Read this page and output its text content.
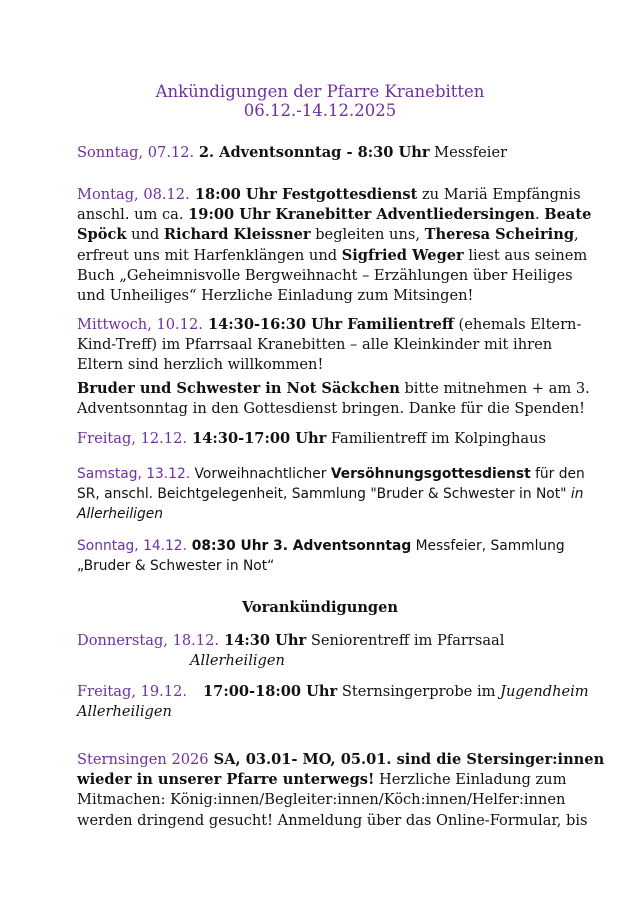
Ankündigungen der Pfarre Kranebitten
06.12.-14.12.2025
Sonntag, 07.12. 2. Adventsonntag - 8:30 Uhr Messfeier
Montag, 08.12. 18:00 Uhr Festgottesdienst zu Mariä Empfängnis
anschl. um ca. 19:00 Uhr Kranebitter Adventliedersingen. Beate
Spöck und Richard Kleissner begleiten uns, Theresa Scheiring,
erfreut uns mit Harfenklängen und Sigfried Weger liest aus seinem
Buch „Geheimnisvolle Bergweihnacht – Erzählungen über Heiliges
und Unheiliges“ Herzliche Einladung zum Mitsingen!
Mittwoch, 10.12. 14:30-16:30 Uhr Familientreff (ehemals Eltern-
Kind-Treff) im Pfarrsaal Kranebitten – alle Kleinkinder mit ihren
Eltern sind herzlich willkommen!
Bruder und Schwester in Not Säckchen bitte mitnehmen + am 3.
Adventsonntag in den Gottesdienst bringen. Danke für die Spenden!
Freitag, 12.12. 14:30-17:00 Uhr Familientreff im Kolpinghaus
Samstag, 13.12. Vorweihnachtlicher Versöhnungsgottesdienst für den
SR, anschl. Beichtgelegenheit, Sammlung "Bruder & Schwester in Not" in
Allerheiligen
Sonntag, 14.12. 08:30 Uhr 3. Adventsonntag Messfeier, Sammlung
„Bruder & Schwester in Not“
Vorankündigungen
Donnerstag, 18.12. 14:30 Uhr Seniorentreff im Pfarrsaal
Allerheiligen
Freitag, 19.12. 17:00-18:00 Uhr Sternsingerprobe im Jugendheim
Allerheiligen
Sternsingen 2026 SA, 03.01- MO, 05.01. sind die Stersinger:innen
wieder in unserer Pfarre unterwegs! Herzliche Einladung zum
Mitmachen: König:innen/Begleiter:innen/Köch:innen/Helfer:innen
werden dringend gesucht! Anmeldung über das Online-Formular, bis
